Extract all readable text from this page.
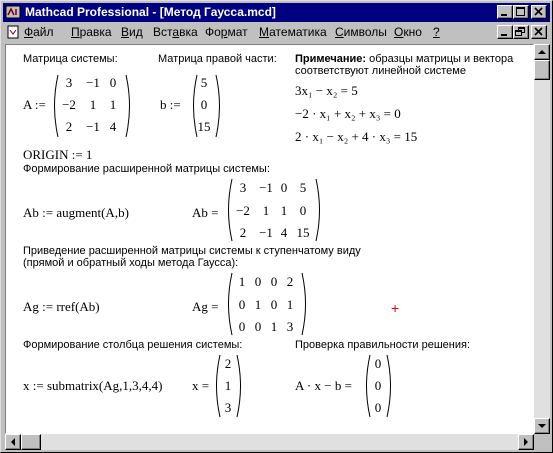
Mathcad Professional - [Метод Гаусса.mcd]
Файл Правка Вид Вставка Формат Математика Символы Окно ?
Матрица системы:	Матрица правой части: Примечание: образцы матрицы и вектора
соответствуют линейной системе
3x₁ − x₂ = 5
−2 · x₁ + x₂ + x₃ = 0
2 · x₁ − x₂ + 4 · x₃ = 15
A :=
3	−1 0
−2	1	1
2	−1 4
b :=
5
0
15
ORIGIN := 1
Формирование расширенной матрицы системы:
Ab := augment(A,b)	Ab =
3 −1 0 5
−2 1 1 0
2 −1 4 15
Приведение расширенной матрицы системы к ступенчатому виду
(прямой и обратный ходы метода Гаусса):
Ag := rref(Ab)	Ag =
1 0 0 2
0 1 0 1
0 0 1 3
+
Формирование столбца решения системы:	Проверка правильности решения:
x := submatrix(Ag,1,3,4,4) x =
2
1
3
A · x − b =
0
0
0
